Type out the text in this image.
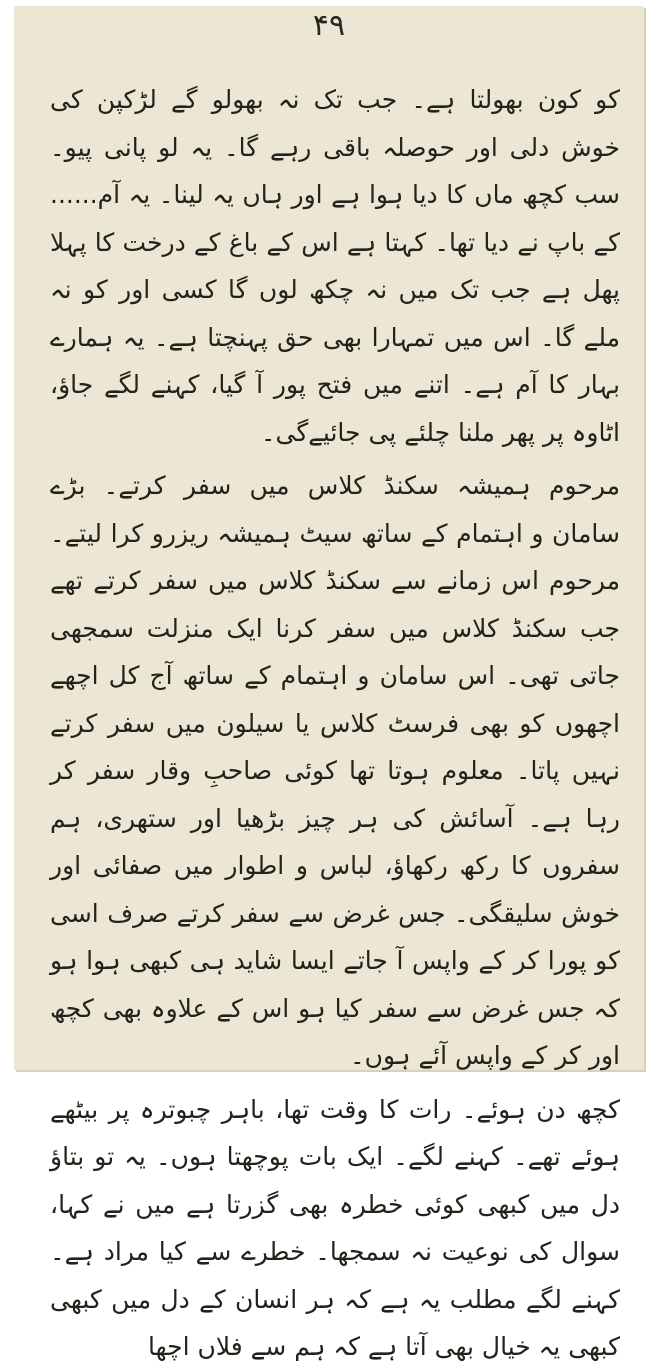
۴۹

کو کون بھولتا ہے۔ جب تک نہ بھولو گے لڑکپن کی خوش دلی اور حوصلہ باقی رہے گا۔ یہ لو پانی پیو۔ سب کچھ ماں کا دیا ہوا ہے اور ہاں یہ لینا۔ یہ آم...... کے باپ نے دیا تھا۔ کہتا ہے اس کے باغ کے درخت کا پہلا پھل ہے جب تک میں نہ چکھ لوں گا کسی اور کو نہ ملے گا۔ اس میں تمہارا بھی حق پہنچتا ہے۔ یہ ہمارے بہار کا آم ہے۔ اتنے میں فتح پور آ گیا، کہنے لگے جاؤ، اٹاوہ پر پھر ملنا چلئے پی جائیےگی۔

مرحوم ہمیشہ سکنڈ کلاس میں سفر کرتے۔ بڑے سامان و اہتمام کے ساتھ سیٹ ہمیشہ ریزرو کرا لیتے۔ مرحوم اس زمانے سے سکنڈ کلاس میں سفر کرتے تھے جب سکنڈ کلاس میں سفر کرنا ایک منزلت سمجھی جاتی تھی۔ اس سامان و اہتمام کے ساتھ آج کل اچھے اچھوں کو بھی فرسٹ کلاس یا سیلون میں سفر کرتے نہیں پاتا۔ معلوم ہوتا تھا کوئی صاحبِ وقار سفر کر رہا ہے۔ آسائش کی ہر چیز بڑھیا اور ستھری، ہم سفروں کا رکھ رکھاؤ، لباس و اطوار میں صفائی اور خوش سلیقگی۔ جس غرض سے سفر کرتے صرف اسی کو پورا کر کے واپس آ جاتے ایسا شاید ہی کبھی ہوا ہو کہ جس غرض سے سفر کیا ہو اس کے علاوہ بھی کچھ اور کر کے واپس آئے ہوں۔

کچھ دن ہوئے۔ رات کا وقت تھا، باہر چبوترہ پر بیٹھے ہوئے تھے۔ کہنے لگے۔ ایک بات پوچھتا ہوں۔ یہ تو بتاؤ دل میں کبھی کوئی خطرہ بھی گزرتا ہے میں نے کہا، سوال کی نوعیت نہ سمجھا۔ خطرے سے کیا مراد ہے۔ کہنے لگے مطلب یہ ہے کہ ہر انسان کے دل میں کبھی کبھی یہ خیال بھی آتا ہے کہ ہم سے فلاں اچھا
